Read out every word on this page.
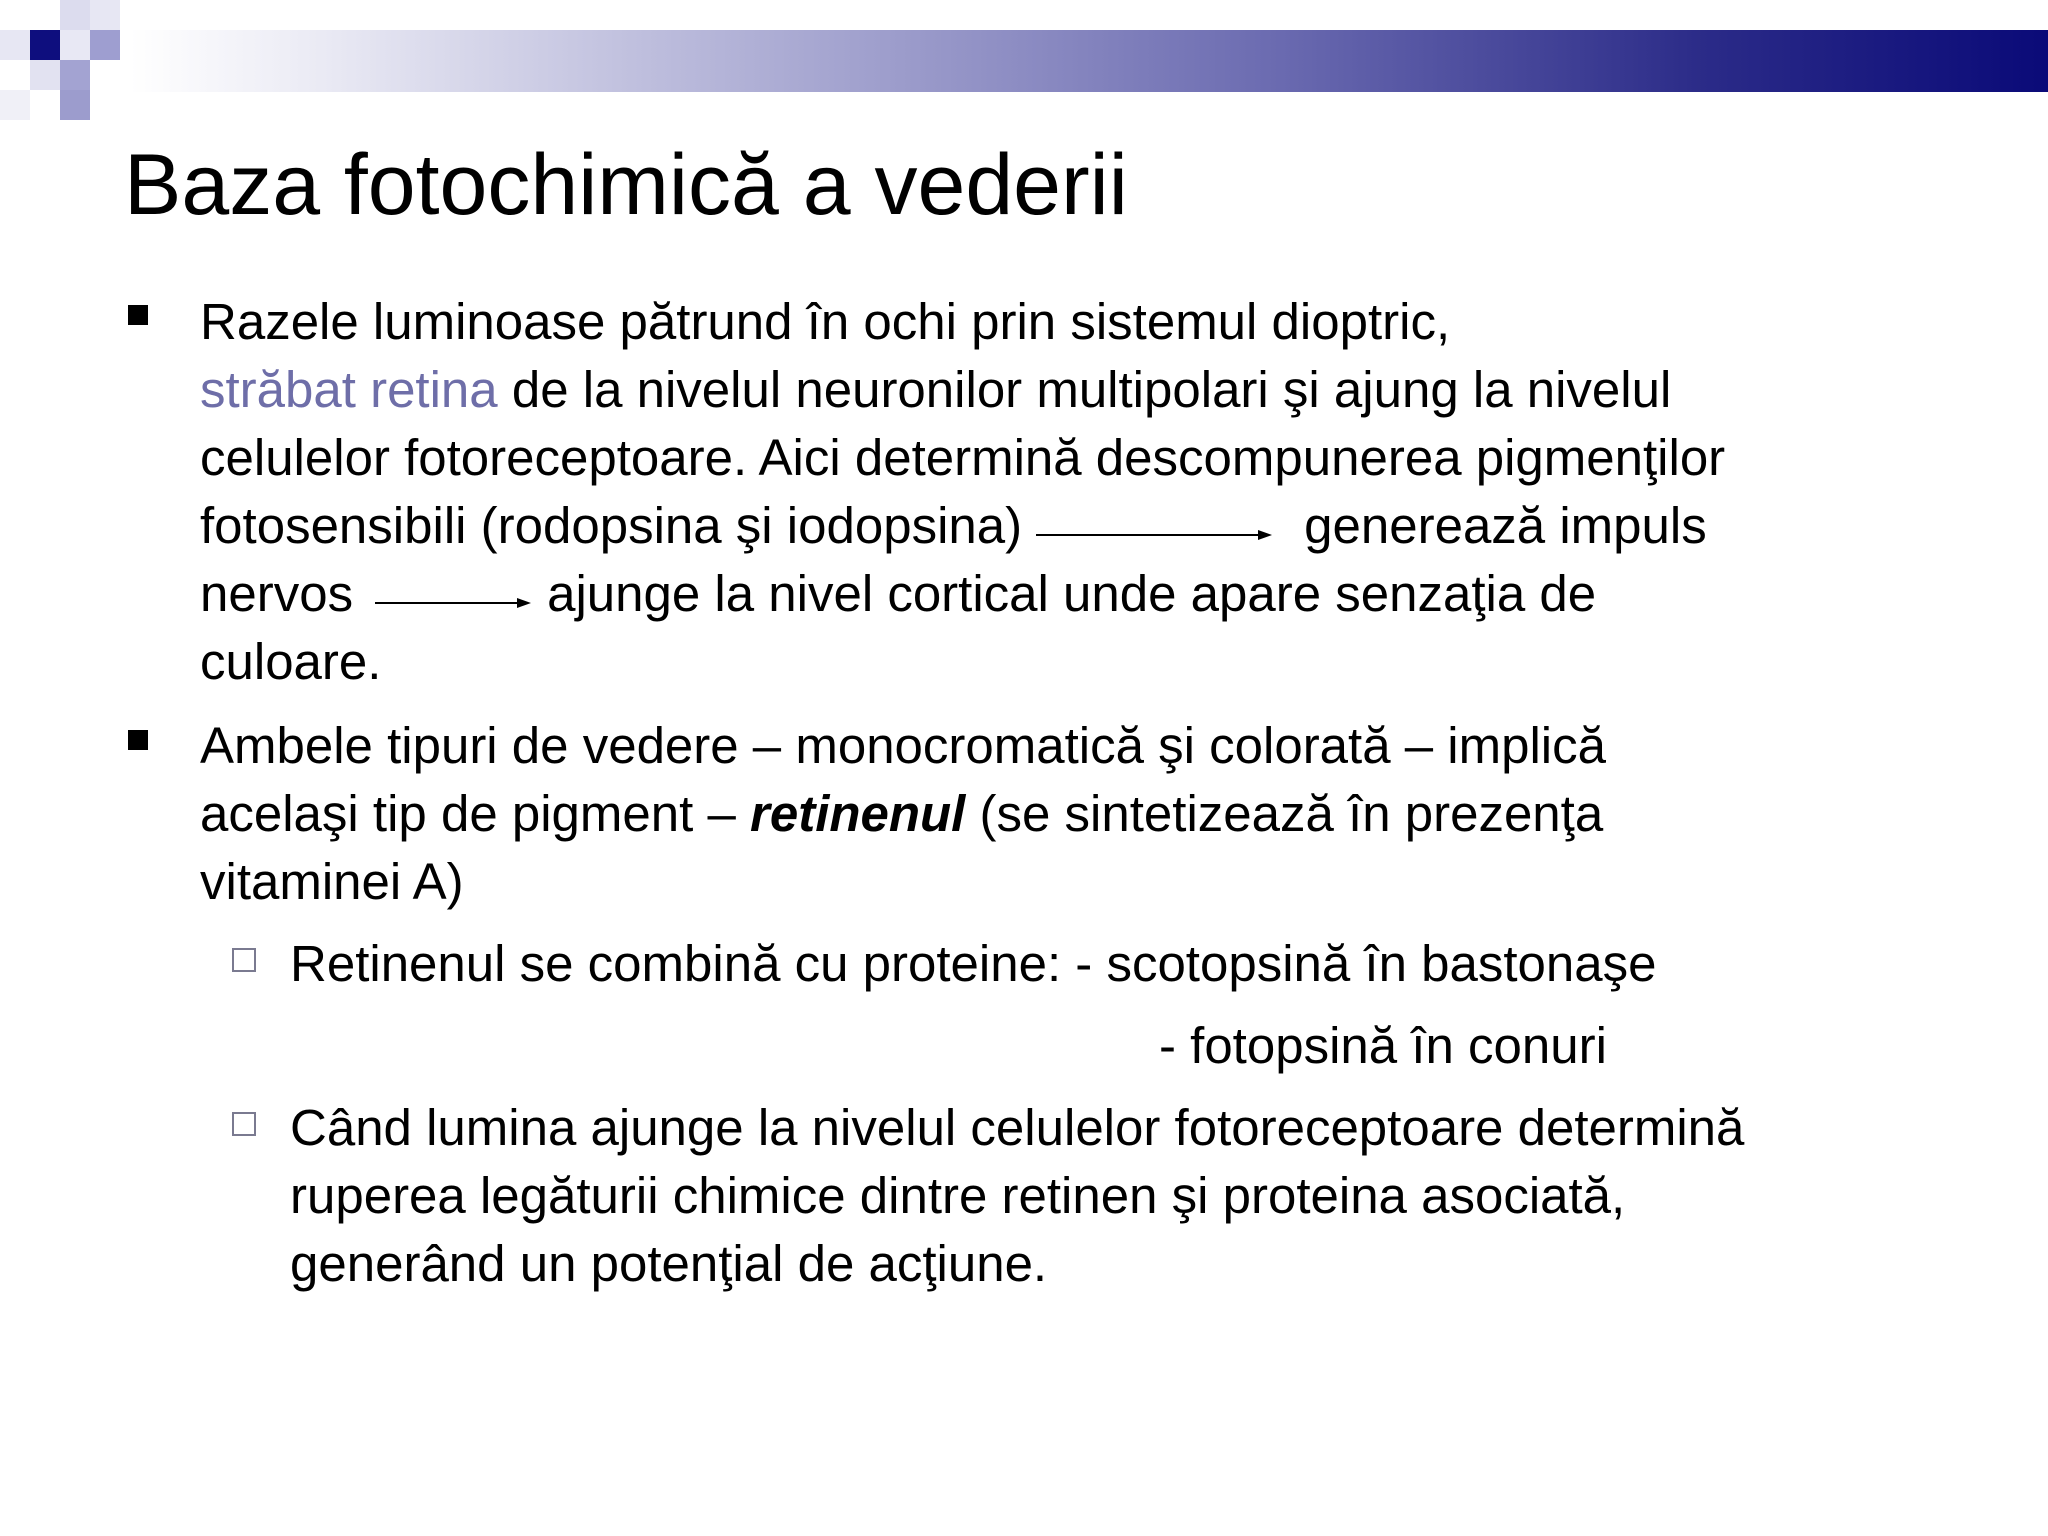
Baza fotochimică a vederii
Razele luminoase pătrund în ochi prin sistemul dioptric,
străbat retina de la nivelul neuronilor multipolari şi ajung la nivelul
celulelor fotoreceptoare. Aici determină descompunerea pigmenţilor
fotosensibili (rodopsina şi iodopsina)	generează impuls
nervos	ajunge la nivel cortical unde apare senzaţia de
culoare.
Ambele tipuri de vedere – monocromatică şi colorată – implică
acelaşi tip de pigment – retinenul (se sintetizează în prezenţa
vitaminei A)
Retinenul se combină cu proteine: - scotopsină în bastonaşe
- fotopsină în conuri
Când lumina ajunge la nivelul celulelor fotoreceptoare determină
ruperea legăturii chimice dintre retinen şi proteina asociată,
generând un potenţial de acţiune.
